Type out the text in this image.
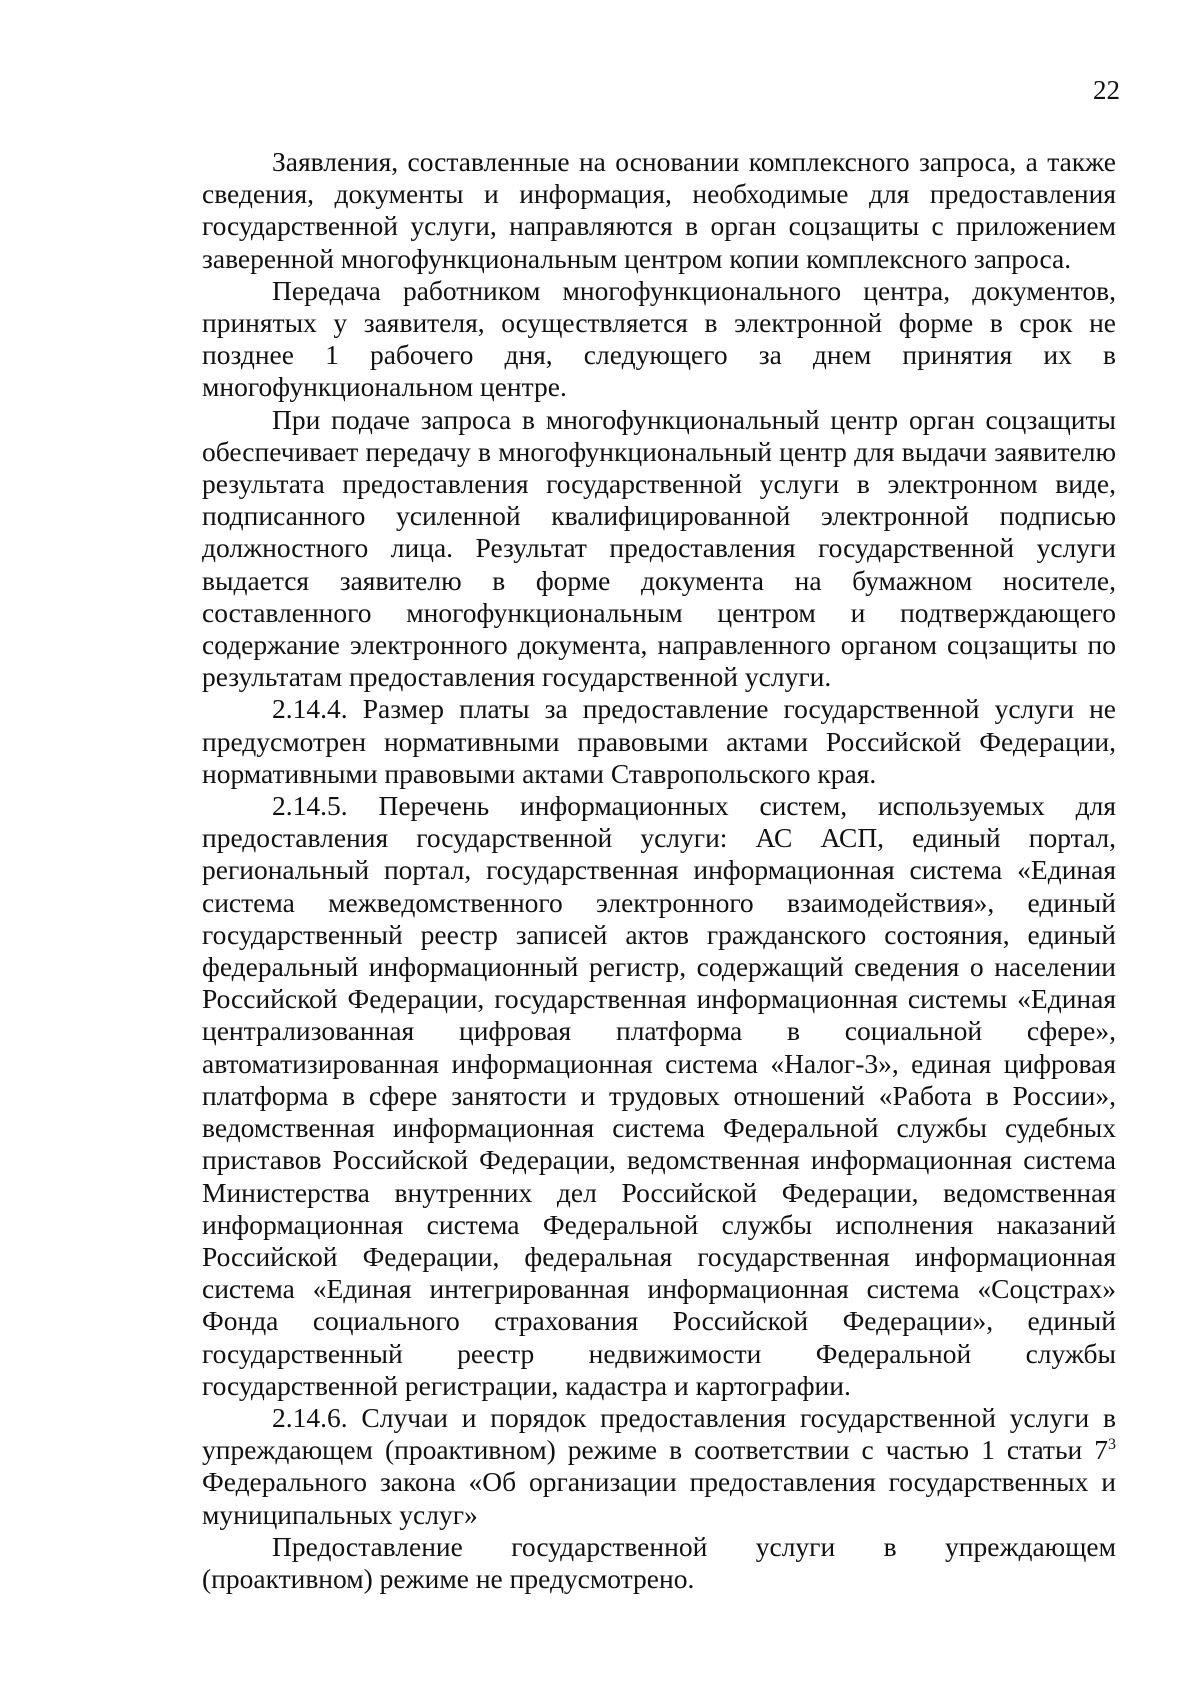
22

Заявления, составленные на основании комплексного запроса, а также сведения, документы и информация, необходимые для предоставления государственной услуги, направляются в орган соцзащиты с приложением заверенной многофункциональным центром копии комплексного запроса.

Передача работником многофункционального центра, документов, принятых у заявителя, осуществляется в электронной форме в срок не позднее 1 рабочего дня, следующего за днем принятия их в многофункциональном центре.

При подаче запроса в многофункциональный центр орган соцзащиты обеспечивает передачу в многофункциональный центр для выдачи заявителю результата предоставления государственной услуги в электронном виде, подписанного усиленной квалифицированной электронной подписью должностного лица. Результат предоставления государственной услуги выдается заявителю в форме документа на бумажном носителе, составленного многофункциональным центром и подтверждающего содержание электронного документа, направленного органом соцзащиты по результатам предоставления государственной услуги.

2.14.4. Размер платы за предоставление государственной услуги не предусмотрен нормативными правовыми актами Российской Федерации, нормативными правовыми актами Ставропольского края.

2.14.5. Перечень информационных систем, используемых для предоставления государственной услуги: АС АСП, единый портал, региональный портал, государственная информационная система «Единая система межведомственного электронного взаимодействия», единый государственный реестр записей актов гражданского состояния, единый федеральный информационный регистр, содержащий сведения о населении Российской Федерации, государственная информационная системы «Единая централизованная цифровая платформа в социальной сфере», автоматизированная информационная система «Налог-3», единая цифровая платформа в сфере занятости и трудовых отношений «Работа в России», ведомственная информационная система Федеральной службы судебных приставов Российской Федерации, ведомственная информационная система Министерства внутренних дел Российской Федерации, ведомственная информационная система Федеральной службы исполнения наказаний Российской Федерации, федеральная государственная информационная система «Единая интегрированная информационная система «Соцстрах» Фонда социального страхования Российской Федерации», единый государственный реестр недвижимости Федеральной службы государственной регистрации, кадастра и картографии.

2.14.6. Случаи и порядок предоставления государственной услуги в упреждающем (проактивном) режиме в соответствии с частью 1 статьи $7^3$ Федерального закона «Об организации предоставления государственных и муниципальных услуг»

Предоставление государственной услуги в упреждающем (проактивном) режиме не предусмотрено.
